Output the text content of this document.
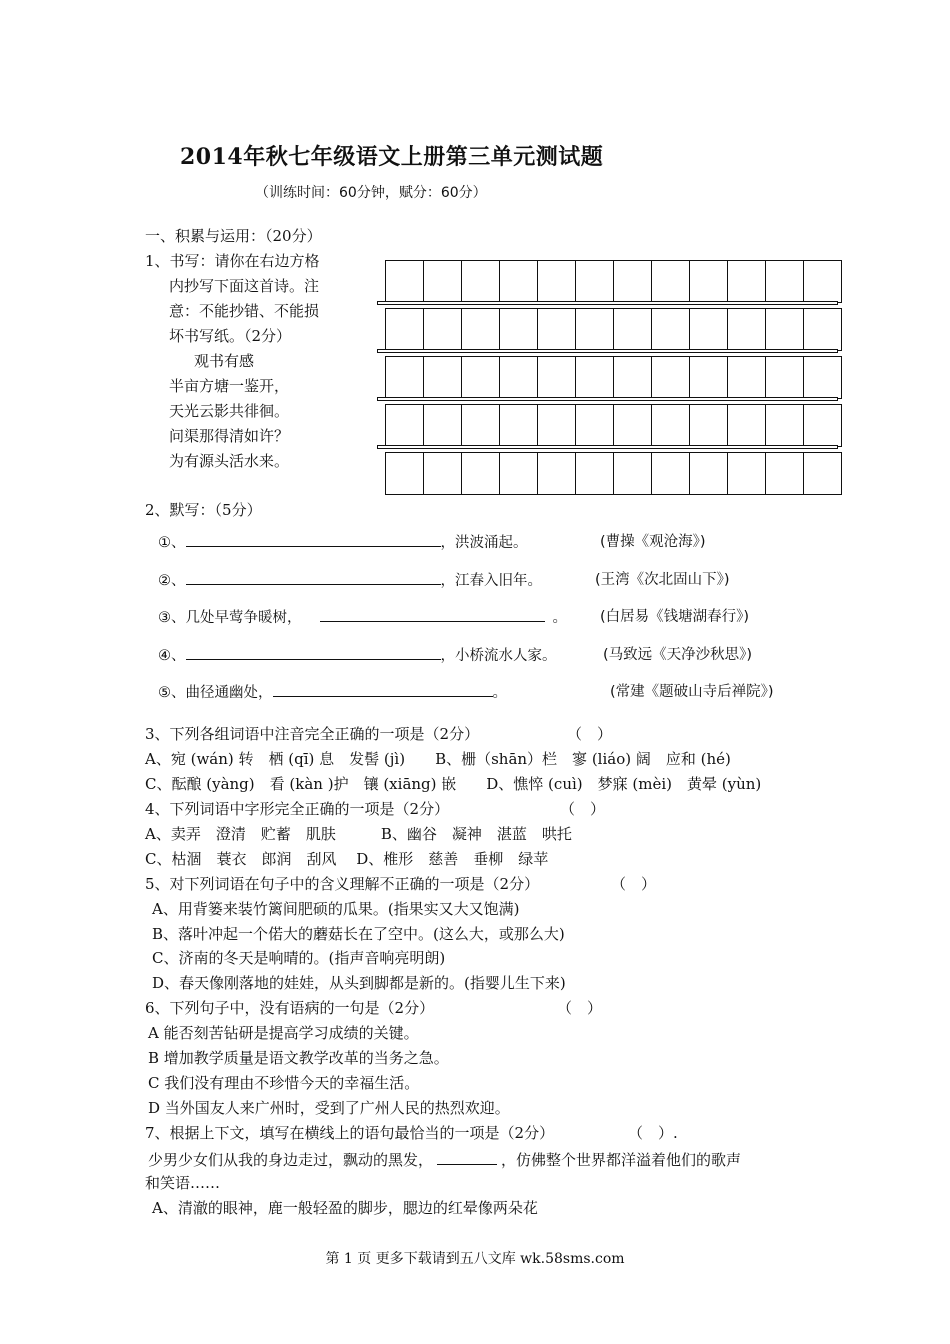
2014年秋七年级语文上册第三单元测试题
（训练时间：60分钟，赋分：60分）
一、积累与运用：（20分）
1、书写：请你在右边方格
内抄写下面这首诗。注
意：不能抄错、不能损
坏书写纸。（2分）
观书有感
半亩方塘一鉴开，
天光云影共徘徊。
问渠那得清如许？
为有源头活水来。
2、默写：（5分）
①、	，洪波涌起。	(曹操《观沧海》)
②、	，江春入旧年。	(王湾《次北固山下》)
③、几处早莺争暖树，	。 (白居易《钱塘湖春行》)
④、	，小桥流水人家。	(马致远《天净沙秋思》)
⑤、曲径通幽处，	。	(常建《题破山寺后禅院》)
3、下列各组词语中注音完全正确的一项是（2分）	（　）
A、宛 (wán) 转　栖 (qī) 息　发髻 (jì)　　B、栅（shān）栏　寥 (liáo) 阔　应和 (hé)
C、酝酿 (yàng)　看 (kàn )护　镶 (xiāng) 嵌　　D、憔悴 (cuì)　梦寐 (mèi)　黄晕 (yùn)
4、下列词语中字形完全正确的一项是（2分）	（　）
A、卖弄　澄清　贮蓄　肌肤　　　B、幽谷　凝神　湛蓝　哄托
C、枯涸　蓑衣　郎润　刮风　 D、椎形　慈善　垂柳　绿苹
5、对下列词语在句子中的含义理解不正确的一项是（2分）	（　）
A、用背篓来装竹篱间肥硕的瓜果。(指果实又大又饱满)
B、落叶冲起一个偌大的蘑菇长在了空中。(这么大，或那么大)
C、济南的冬天是响晴的。(指声音响亮明朗)
D、春天像刚落地的娃娃，从头到脚都是新的。(指婴儿生下来)
6、下列句子中，没有语病的一句是（2分）	（　）
A 能否刻苦钻研是提高学习成绩的关键。
B 增加教学质量是语文教学改革的当务之急。
C 我们没有理由不珍惜今天的幸福生活。
D 当外国友人来广州时，受到了广州人民的热烈欢迎。
7、根据上下文，填写在横线上的语句最恰当的一项是（2分）	（　）.
少男少女们从我的身边走过，飘动的黑发，	，仿佛整个世界都洋溢着他们的歌声
和笑语……
A、清澈的眼神，鹿一般轻盈的脚步，腮边的红晕像两朵花
第 1 页 更多下载请到五八文库 wk.58sms.com
